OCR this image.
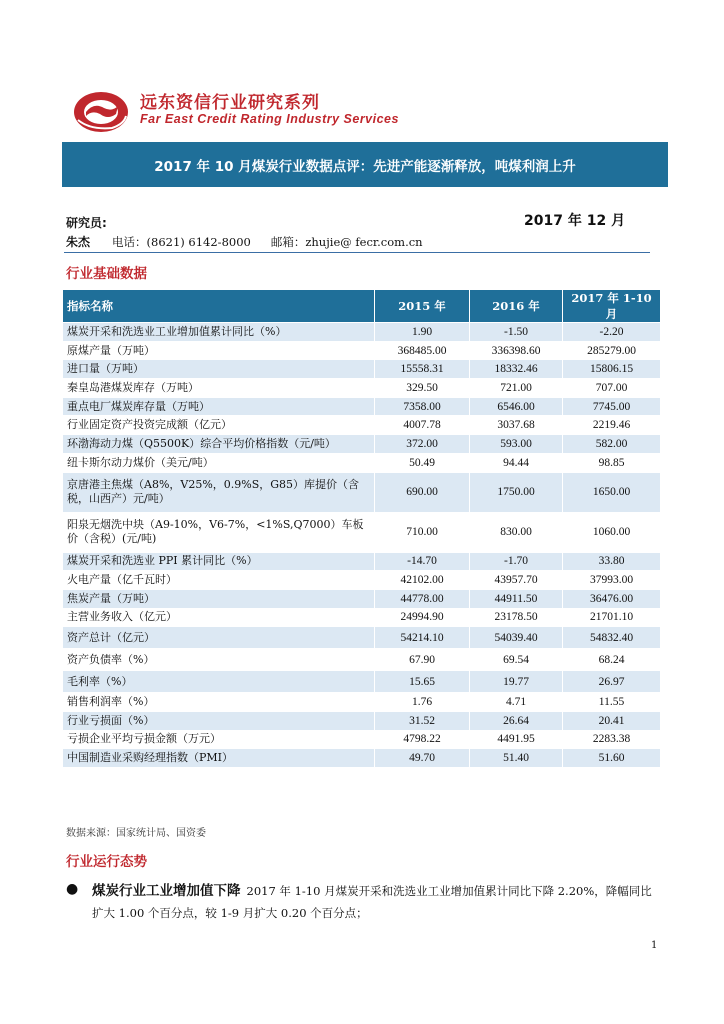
远东资信行业研究系列
Far East Credit Rating Industry Services
2017 年 10 月煤炭行业数据点评：先进产能逐渐释放，吨煤利润上升
研究员:	2017 年 12 月
朱杰 电话：(8621) 6142-8000 邮箱：zhujie@ fecr.com.cn
行业基础数据
指标名称	2015 年	2016 年	2017 年 1-10 月
煤炭开采和洗选业工业增加值累计同比（%）	1.90	-1.50	-2.20
原煤产量（万吨）	368485.00	336398.60	285279.00
进口量（万吨）	15558.31	18332.46	15806.15
秦皇岛港煤炭库存（万吨）	329.50	721.00	707.00
重点电厂煤炭库存量（万吨）	7358.00	6546.00	7745.00
行业固定资产投资完成额（亿元）	4007.78	3037.68	2219.46
环渤海动力煤（Q5500K）综合平均价格指数（元/吨）	372.00	593.00	582.00
纽卡斯尔动力煤价（美元/吨）	50.49	94.44	98.85
京唐港主焦煤（A8%，V25%，0.9%S，G85）库提价（含税，山西产）元/吨）	690.00	1750.00	1650.00
阳泉无烟洗中块（A9-10%，V6-7%，<1%S,Q7000）车板价（含税）(元/吨)	710.00	830.00	1060.00
煤炭开采和洗选业 PPI 累计同比（%）	-14.70	-1.70	33.80
火电产量（亿千瓦时）	42102.00	43957.70	37993.00
焦炭产量（万吨）	44778.00	44911.50	36476.00
主营业务收入（亿元）	24994.90	23178.50	21701.10
资产总计（亿元）	54214.10	54039.40	54832.40
资产负债率（%）	67.90	69.54	68.24
毛利率（%）	15.65	19.77	26.97
销售利润率（%）	1.76	4.71	11.55
行业亏损面（%）	31.52	26.64	20.41
亏损企业平均亏损金额（万元）	4798.22	4491.95	2283.38
中国制造业采购经理指数（PMI）	49.70	51.40	51.60
数据来源：国家统计局、国资委
行业运行态势
● 煤炭行业工业增加值下降 2017 年 1-10 月煤炭开采和洗选业工业增加值累计同比下降 2.20%，降幅同比扩大 1.00 个百分点，较 1-9 月扩大 0.20 个百分点；
1
